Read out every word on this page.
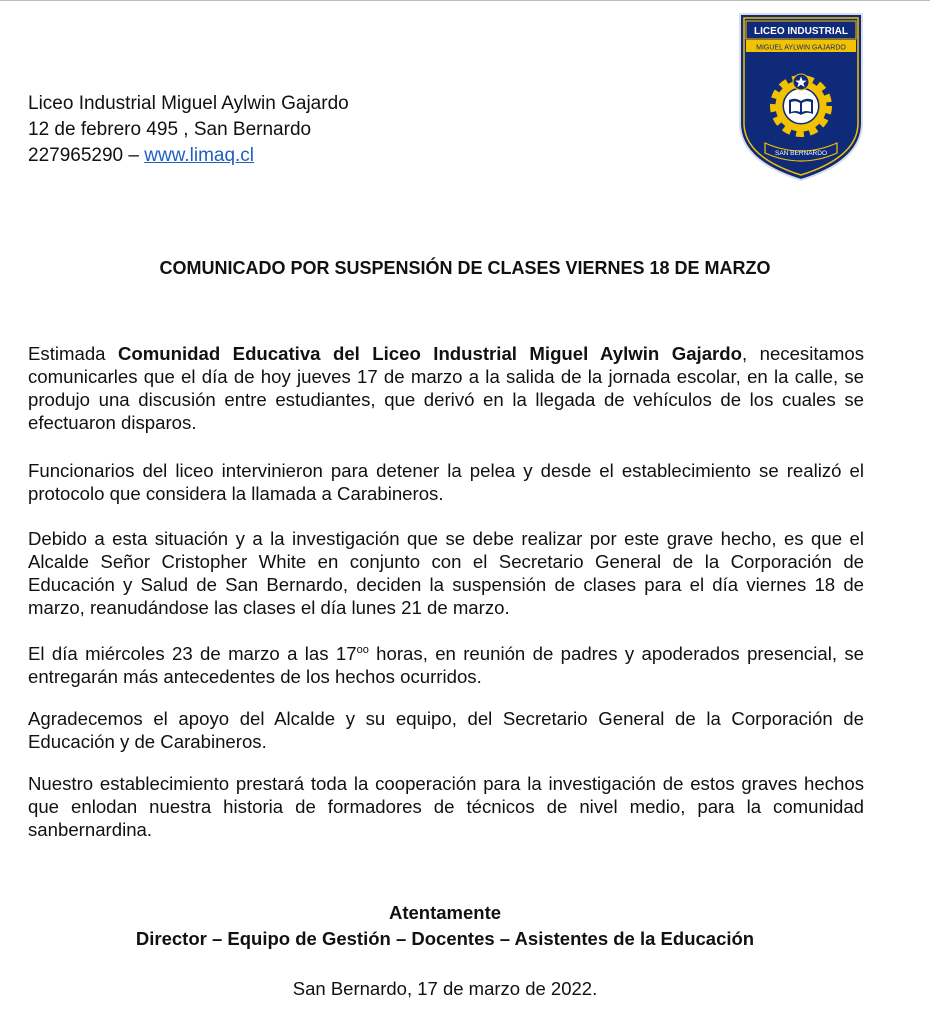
Liceo Industrial Miguel Aylwin Gajardo
12 de febrero 495 , San Bernardo
227965290 – www.limaq.cl
LICEO INDUSTRIAL
MIGUEL AYLWIN GAJARDO
SAN BERNARDO
COMUNICADO POR SUSPENSIÓN DE CLASES VIERNES 18 DE MARZO
Estimada Comunidad Educativa del Liceo Industrial Miguel Aylwin Gajardo, necesitamos comunicarles que el día de hoy jueves 17 de marzo a la salida de la jornada escolar, en la calle, se produjo una discusión entre estudiantes, que derivó en la llegada de vehículos de los cuales se efectuaron disparos.
Funcionarios del liceo intervinieron para detener la pelea y desde el establecimiento se realizó el protocolo que considera la llamada a Carabineros.
Debido a esta situación y a la investigación que se debe realizar por este grave hecho, es que el Alcalde Señor Cristopher White en conjunto con el Secretario General de la Corporación de Educación y Salud de San Bernardo, deciden la suspensión de clases para el día viernes 18 de marzo, reanudándose las clases el día lunes 21 de marzo.
El día miércoles 23 de marzo a las $17^{oo}$ horas, en reunión de padres y apoderados presencial, se entregarán más antecedentes de los hechos ocurridos.
Agradecemos el apoyo del Alcalde y su equipo, del Secretario General de la Corporación de Educación y de Carabineros.
Nuestro establecimiento prestará toda la cooperación para la investigación de estos graves hechos que enlodan nuestra historia de formadores de técnicos de nivel medio, para la comunidad sanbernardina.
Atentamente
Director – Equipo de Gestión – Docentes – Asistentes de la Educación
San Bernardo, 17 de marzo de 2022.
